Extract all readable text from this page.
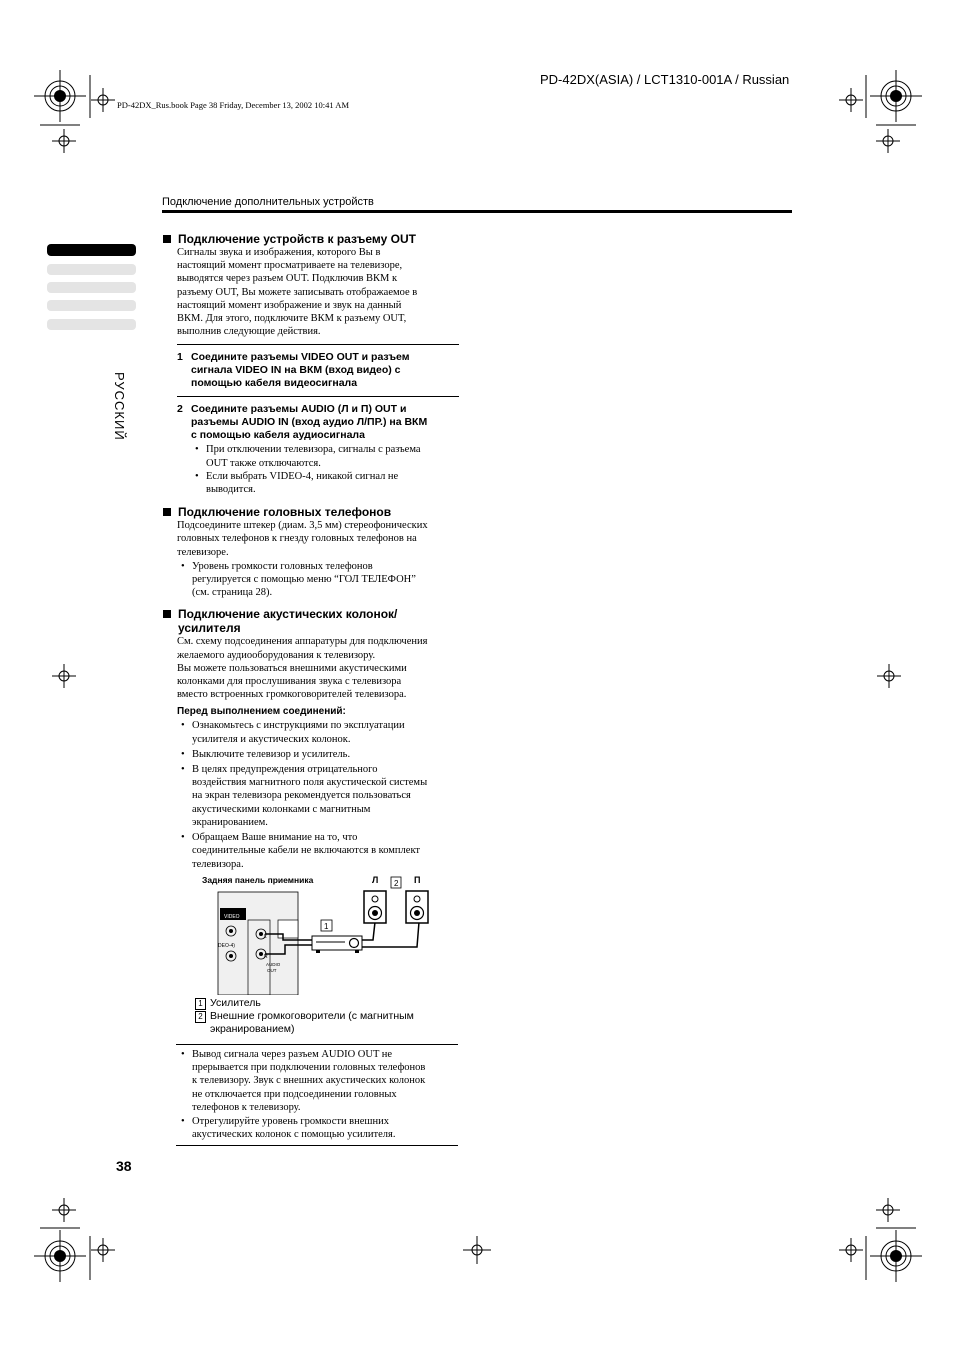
PD-42DX(ASIA) / LCT1310-001A / Russian
PD-42DX_Rus.book Page 38 Friday, December 13, 2002 10:41 AM
Подключение дополнительных устройств
РУССКИЙ
Подключение устройств к разъему OUT
Сигналы звука и изображения, которого Вы в
настоящий момент просматриваете на телевизоре,
выводятся через разъем OUT. Подключив ВКМ к
разъему OUT, Вы можете записывать отображаемое в
настоящий момент изображение и звук на данный
ВКМ. Для этого, подключите ВКМ к разъему OUT,
выполнив следующие действия.
1 Соедините разъемы VIDEO OUT и разъем
сигнала VIDEO IN на ВКМ (вход видео) с
помощью кабеля видеосигнала
2 Соедините разъемы AUDIO (Л и П) OUT и
разъемы AUDIO IN (вход аудио Л/ПР.) на ВКМ
с помощью кабеля аудиосигнала
• При отключении телевизора, сигналы с разъема
OUT также отключаются.
• Если выбрать VIDEO-4, никакой сигнал не
выводится.
Подключение головных телефонов
Подсоедините штекер (диам. 3,5 мм) стереофонических
головных телефонов к гнезду головных телефонов на
телевизоре.
• Уровень громкости головных телефонов
регулируется с помощью меню “ГОЛ ТЕЛЕФОН”
(см. страница 28).
Подключение акустических колонок/
усилителя
См. схему подсоединения аппаратуры для подключения
желаемого аудиооборудования к телевизору.
Вы можете пользоваться внешними акустическими
колонками для прослушивания звука с телевизора
вместо встроенных громкоговорителей телевизора.
Перед выполнением соединений:
• Ознакомьтесь с инструкциями по эксплуатации
усилителя и акустических колонок.
• Выключите телевизор и усилитель.
• В целях предупреждения отрицательного
воздействия магнитного поля акустической системы
на экран телевизора рекомендуется пользоваться
акустическими колонками с магнитным
экранированием.
• Обращаем Ваше внимание на то, что
соединительные кабели не включаются в комплект
телевизора.
Задняя панель приемника	Л 2 П
VIDEO
DEO-4)
L
R
AUDIO
OUT
1
1 Усилитель
2 Внешние громкоговорители (с магнитным
экранированием)
• Вывод сигнала через разъем AUDIO OUT не
прерывается при подключении головных телефонов
к телевизору. Звук с внешних акустических колонок
не отключается при подсоединении головных
телефонов к телевизору.
• Отрегулируйте уровень громкости внешних
акустических колонок с помощью усилителя.
38
